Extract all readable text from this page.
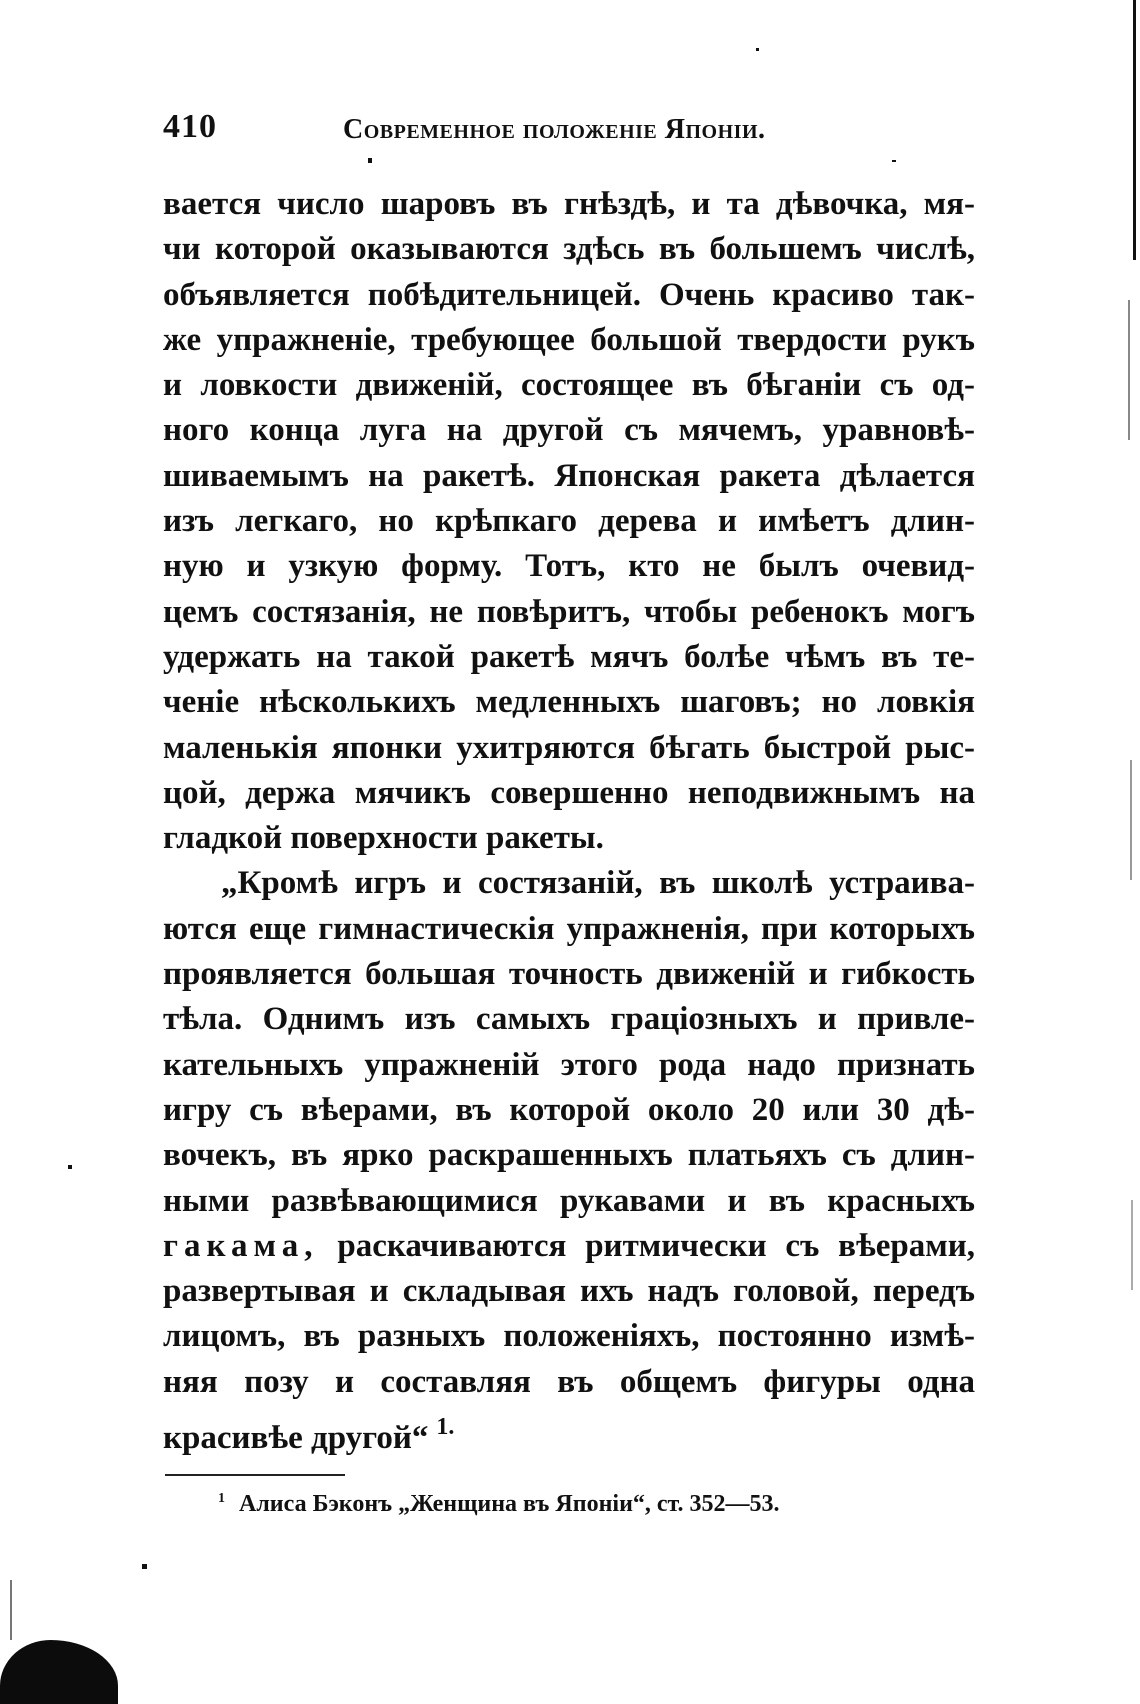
410	Современное положеніе Японіи.
вается число шаровъ въ гнѣздѣ, и та дѣвочка, мя-
чи которой оказываются здѣсь въ большемъ числѣ,
объявляется побѣдительницей. Очень красиво так-
же упражненіе, требующее большой твердости рукъ
и ловкости движеній, состоящее въ бѣганіи съ од-
ного конца луга на другой съ мячемъ, уравновѣ-
шиваемымъ на ракетѣ. Японская ракета дѣлается
изъ легкаго, но крѣпкаго дерева и имѣетъ длин-
ную и узкую форму. Тотъ, кто не былъ очевид-
цемъ состязанія, не повѣритъ, чтобы ребенокъ могъ
удержать на такой ракетѣ мячъ болѣе чѣмъ въ те-
ченіе нѣсколькихъ медленныхъ шаговъ; но ловкія
маленькія японки ухитряются бѣгать быстрой рыс-
цой, держа мячикъ совершенно неподвижнымъ на
гладкой поверхности ракеты.
„Кромѣ игръ и состязаній, въ школѣ устраива-
ются еще гимнастическія упражненія, при которыхъ
проявляется большая точность движеній и гибкость
тѣла. Однимъ изъ самыхъ граціозныхъ и привле-
кательныхъ упражненій этого рода надо признать
игру съ вѣерами, въ которой около 20 или 30 дѣ-
вочекъ, въ ярко раскрашенныхъ платьяхъ съ длин-
ными развѣвающимися рукавами и въ красныхъ
гакама, раскачиваются ритмически съ вѣерами,
развертывая и складывая ихъ надъ головой, передъ
лицомъ, въ разныхъ положеніяхъ, постоянно измѣ-
няя позу и составляя въ общемъ фигуры одна
красивѣе другой“ $^{1.}$
$^1$ Алиса Бэконъ „Женщина въ Японіи“, ст. 352—53.
